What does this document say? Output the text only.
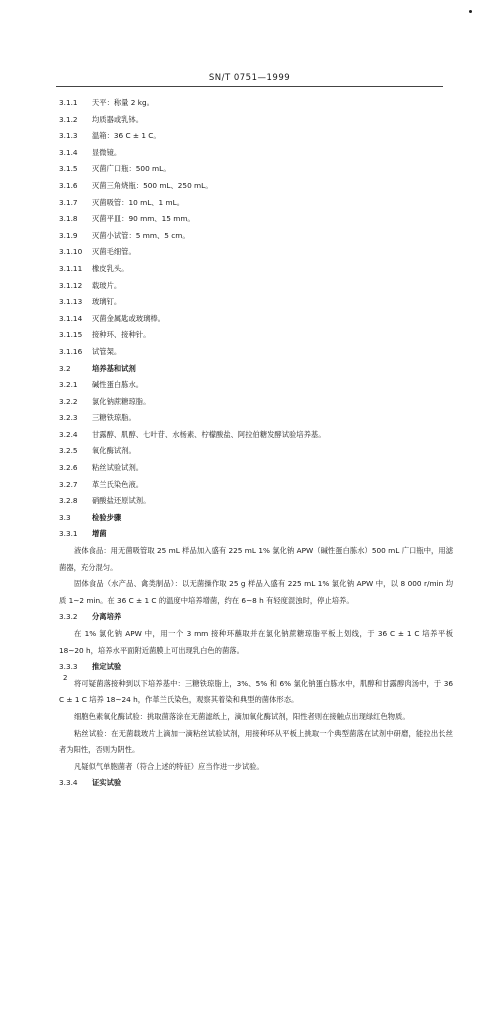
SN/T 0751—1999
3.1.1 天平：称量 2 kg。
3.1.2 均质器或乳钵。
3.1.3 温箱：36 C ± 1 C。
3.1.4 显微镜。
3.1.5 灭菌广口瓶：500 mL。
3.1.6 灭菌三角烧瓶：500 mL、250 mL。
3.1.7 灭菌吸管：10 mL、1 mL。
3.1.8 灭菌平皿：90 mm、15 mm。
3.1.9 灭菌小试管：5 mm、5 cm。
3.1.10 灭菌毛细管。
3.1.11 橡皮乳头。
3.1.12 载玻片。
3.1.13 玻璃钉。
3.1.14 灭菌金属匙或玻璃棒。
3.1.15 接种环、接种针。
3.1.16 试管架。
3.2	培养基和试剂
3.2.1 碱性蛋白胨水。
3.2.2 氯化钠蔗糖琼脂。
3.2.3 三糖铁琼脂。
3.2.4 甘露醇、肌醇、七叶苷、水杨素、柠檬酸盐、阿拉伯糖发酵试验培养基。
3.2.5 氧化酶试剂。
3.2.6 粘丝试验试剂。
3.2.7 革兰氏染色液。
3.2.8 硝酸盐还原试剂。
3.3	检验步骤
3.3.1 增菌

液体食品：用无菌吸管取 25 mL 样品加入盛有 225 mL 1% 氯化钠 APW（碱性蛋白胨水）500 mL 广口瓶中，用滤菌器，充分混匀。

固体食品（水产品、禽类制品）：以无菌操作取 25 g 样品入盛有 225 mL 1% 氯化钠 APW 中，以 8 000 r/min 均质 1~2 min。在 36 C ± 1 C 的温度中培养增菌，约在 6~8 h 有轻度混浊时，停止培养。

3.3.2 分离培养

在 1% 氯化钠 APW 中，用一个 3 mm 接种环蘸取并在氯化钠蔗糖琼脂平板上划线，于 36 C ± 1 C 培养平板 18~20 h，培养水平面附近菌膜上可出现乳白色的菌落。

3.3.3 推定试验

将可疑菌落接种到以下培养基中：三糖铁琼脂上，3%、5% 和 6% 氯化钠蛋白胨水中，肌醇和甘露醇肉汤中，于 36 C ± 1 C 培养 18~24 h，作革兰氏染色，观察其着染和典型的菌体形态。

细胞色素氧化酶试验：挑取菌落涂在无菌滤纸上，滴加氧化酶试剂，阳性者则在接触点出现绿红色物质。

粘丝试验：在无菌载玻片上滴加一滴粘丝试验试剂，用接种环从平板上挑取一个典型菌落在试剂中研磨，能拉出长丝者为阳性，否则为阴性。

凡疑似气单胞菌者（符合上述的特征）应当作进一步试验。

3.3.4 证实试验
2
